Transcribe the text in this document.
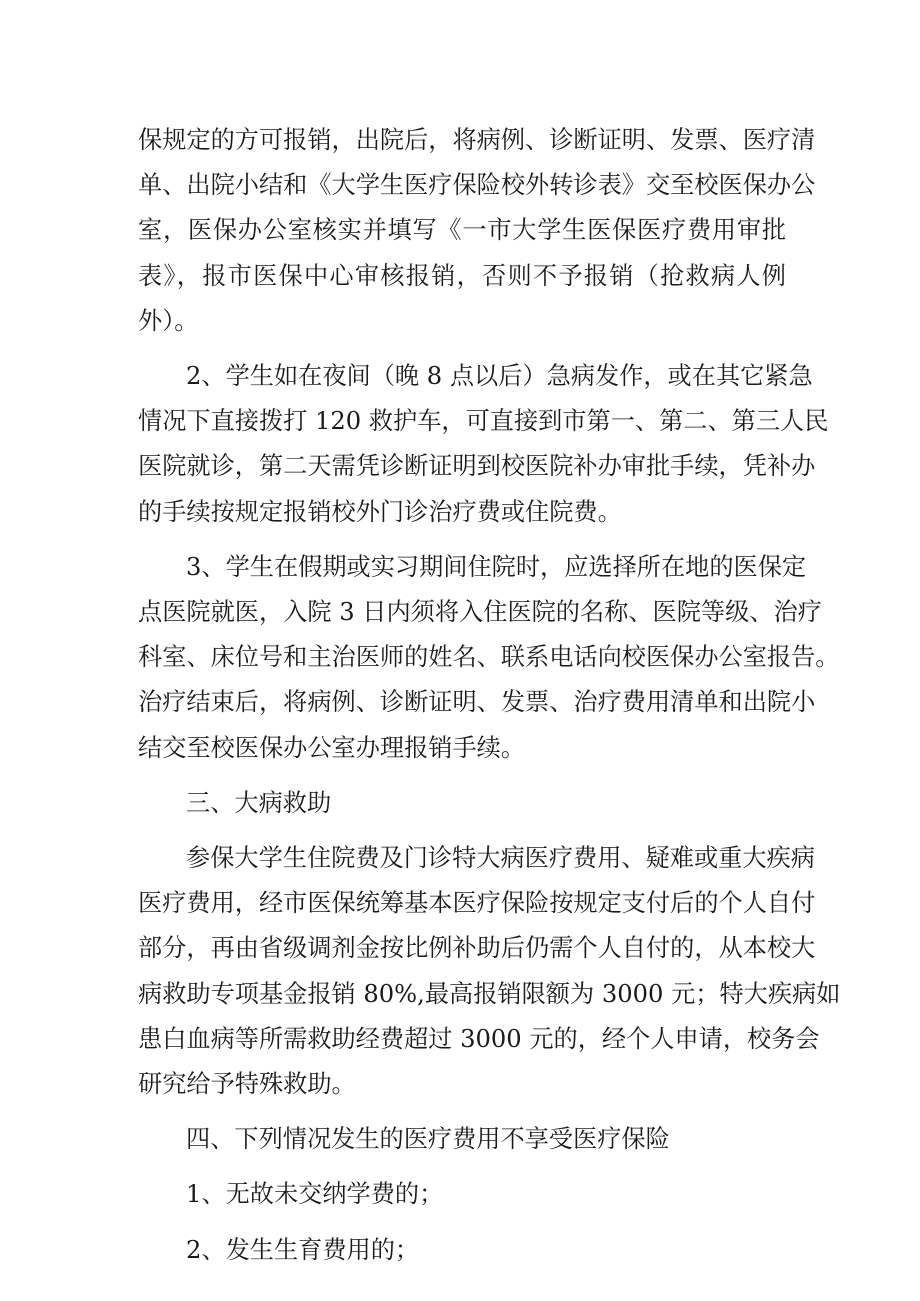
保规定的方可报销，出院后，将病例、诊断证明、发票、医疗清
单、出院小结和《大学生医疗保险校外转诊表》交至校医保办公
室，医保办公室核实并填写《一市大学生医保医疗费用审批
表》，报市医保中心审核报销，否则不予报销（抢救病人例
外）。

2、学生如在夜间（晚 8 点以后）急病发作，或在其它紧急
情况下直接拨打 120 救护车，可直接到市第一、第二、第三人民
医院就诊，第二天需凭诊断证明到校医院补办审批手续，凭补办
的手续按规定报销校外门诊治疗费或住院费。

3、学生在假期或实习期间住院时，应选择所在地的医保定
点医院就医，入院 3 日内须将入住医院的名称、医院等级、治疗
科室、床位号和主治医师的姓名、联系电话向校医保办公室报告。
治疗结束后，将病例、诊断证明、发票、治疗费用清单和出院小
结交至校医保办公室办理报销手续。

三、大病救助

参保大学生住院费及门诊特大病医疗费用、疑难或重大疾病
医疗费用，经市医保统筹基本医疗保险按规定支付后的个人自付
部分，再由省级调剂金按比例补助后仍需个人自付的，从本校大
病救助专项基金报销 80%,最高报销限额为 3000 元；特大疾病如
患白血病等所需救助经费超过 3000 元的，经个人申请，校务会
研究给予特殊救助。

四、下列情况发生的医疗费用不享受医疗保险

1、无故未交纳学费的；

2、发生生育费用的；
